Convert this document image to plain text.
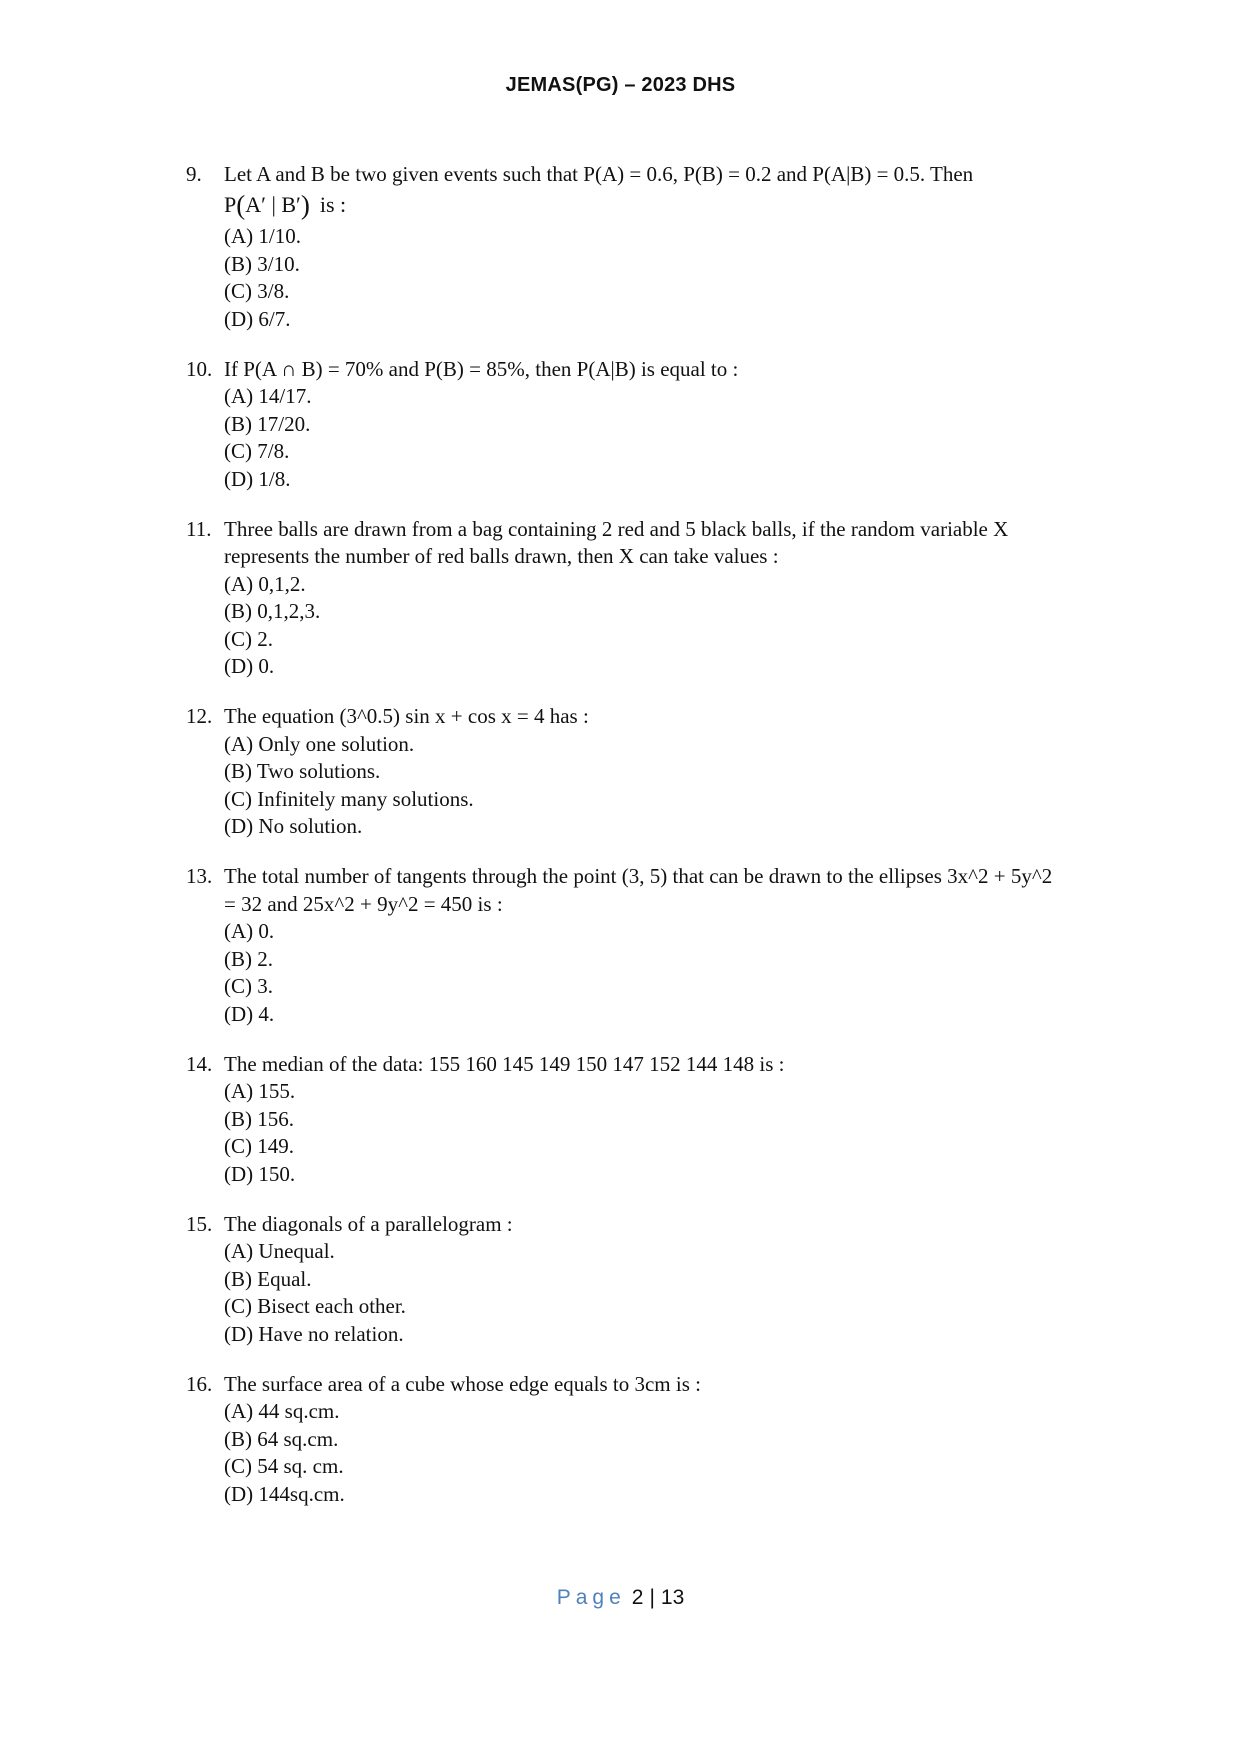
JEMAS(PG) – 2023 DHS
9.	Let A and B be two given events such that P(A) = 0.6, P(B) = 0.2 and P(A|B) = 0.5. Then
P(A′ | B′) is :
(A) 1/10.
(B) 3/10.
(C) 3/8.
(D) 6/7.
10. If P(A ∩ B) = 70% and P(B) = 85%, then P(A|B) is equal to :
(A) 14/17.
(B) 17/20.
(C) 7/8.
(D) 1/8.
11. Three balls are drawn from a bag containing 2 red and 5 black balls, if the random variable X represents the number of red balls drawn, then X can take values :
(A) 0,1,2.
(B) 0,1,2,3.
(C) 2.
(D) 0.
12. The equation (3^0.5) sin x + cos x = 4 has :
(A) Only one solution.
(B) Two solutions.
(C) Infinitely many solutions.
(D) No solution.
13. The total number of tangents through the point (3, 5) that can be drawn to the ellipses 3x^2 + 5y^2 = 32 and 25x^2 + 9y^2 = 450 is :
(A) 0.
(B) 2.
(C) 3.
(D) 4.
14. The median of the data: 155 160 145 149 150 147 152 144 148 is :
(A) 155.
(B) 156.
(C) 149.
(D) 150.
15. The diagonals of a parallelogram :
(A) Unequal.
(B) Equal.
(C) Bisect each other.
(D) Have no relation.
16. The surface area of a cube whose edge equals to 3cm is :
(A) 44 sq.cm.
(B) 64 sq.cm.
(C) 54 sq. cm.
(D) 144sq.cm.
Page 2 | 13
